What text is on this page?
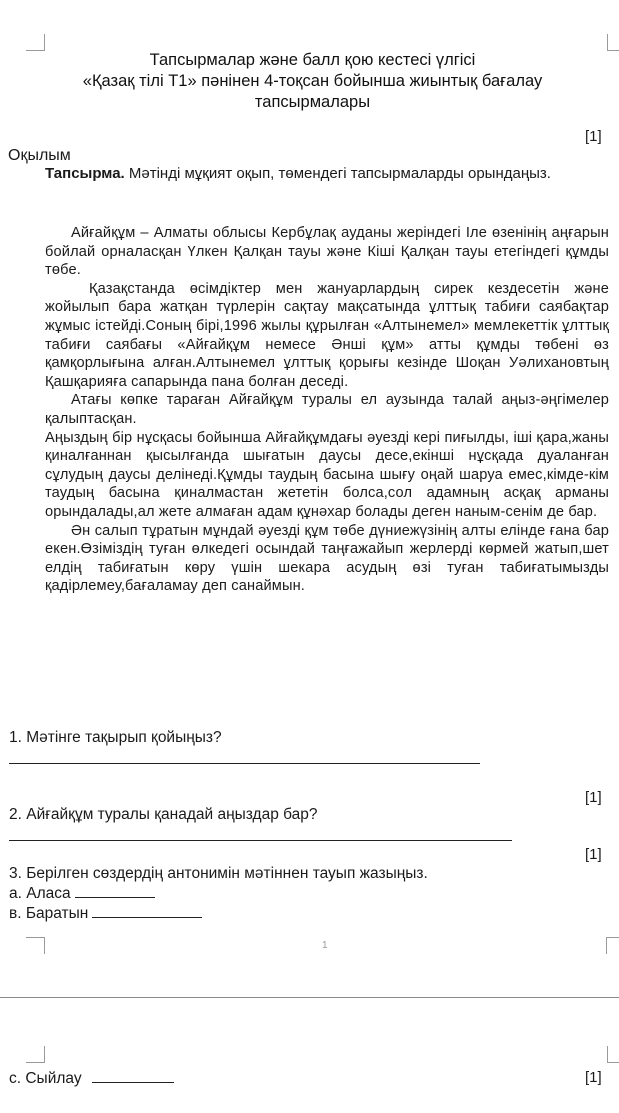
Тапсырмалар және балл қою кестесі үлгісі
«Қазақ тілі Т1» пәнінен 4-тоқсан бойынша жиынтық бағалау
тапсырмалары
[1]
Оқылым
Тапсырма. Мәтінді мұқият оқып, төмендегі тапсырмаларды орындаңыз.

Айғайқұм – Алматы облысы Кербұлақ ауданы жеріндегі Іле өзенінің аңғарын бойлай орналасқан Үлкен Қалқан тауы және Кіші Қалқан тауы етегіндегі құмды төбе.

Қазақстанда өсімдіктер мен жануарлардың сирек кездесетін және жойылып бара жатқан түрлерін сақтау мақсатында ұлттық табиғи саябақтар жұмыс істейді.Соның бірі,1996 жылы құрылған «Алтынемел» мемлекеттік ұлттық табиғи саябағы «Айғайқұм немесе Әнші құм» атты құмды төбені өз қамқорлығына алған.Алтынемел ұлттық қорығы кезінде Шоқан Уәлихановтың Қашқарияға сапарында пана болған деседі.

Атағы көпке тараған Айғайқұм туралы ел аузында талай аңыз-әңгімелер қалыптасқан.

Аңыздың бір нұсқасы бойынша Айғайқұмдағы әуезді кері пиғылды, іші қара,жаны қиналғаннан қысылғанда шығатын даусы десе,екінші нұсқада дуаланған сұлудың даусы делінеді.Құмды таудың басына шығу оңай шаруа емес,кімде-кім таудың басына қиналмастан жететін болса,сол адамның асқақ арманы орындалады,ал жете алмаған адам құнәхар болады деген наным-сенім де бар.

Ән салып тұратын мұндай әуезді құм төбе дүниежүзінің алты елінде ғана бар екен.Өзіміздің туған өлкедегі осындай таңғажайып жерлерді көрмей жатып,шет елдің табиғатын көру үшін шекара асудың өзі туған табиғатымызды қадірлемеу,бағаламау деп санаймын.

1. Мәтінге тақырып қойыңыз?
[1]
2. Айғайқұм туралы қанадай аңыздар бар?
[1]
3. Берілген сөздердің антонимін мәтіннен тауып жазыңыз.
а. Аласа
в. Баратын
1
с. Сыйлау	[1]
